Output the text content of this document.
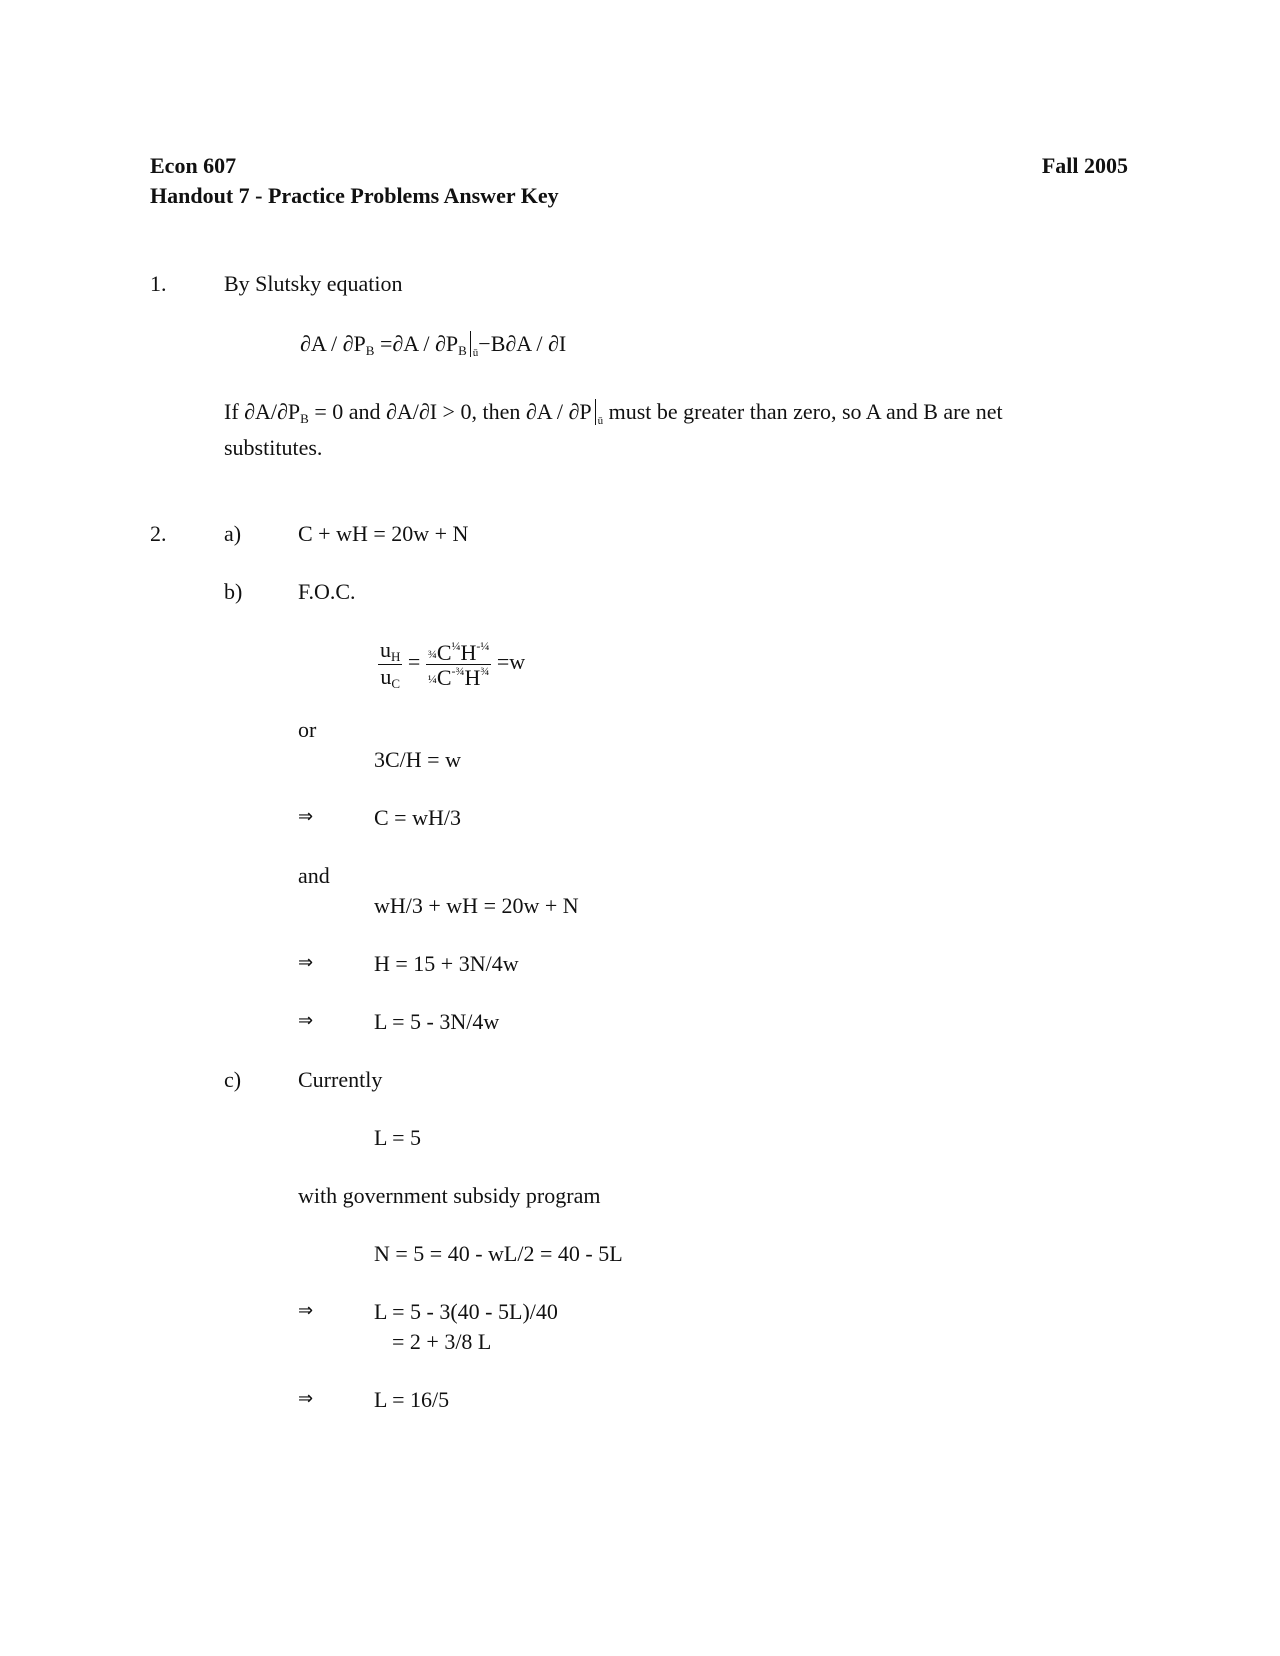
Econ 607	Fall 2005
Handout 7 - Practice Problems Answer Key
1.	By Slutsky equation
$\partial A / \partial P_B =\partial A / \partial P_B$ $_ū$−B∂A / ∂I
If $\partial A/\partial P_B = 0$ and ∂A/∂I > 0, then ∂A / ∂P $_ū$ must be greater than zero, so A and B are net
substitutes.
2.	a)	C + wH = 20w + N
b)	F.O.C.
$\frac{uH}{uC} = \frac{\frac{3}{4}C^{\frac{1}{4}}H^{-\frac{1}{4}}}{\frac{1}{4}C^{-\frac{3}{4}}H^{\frac{3}{4}}} =w$
or
3C/H = w
⇒	C = wH/3
and
wH/3 + wH = 20w + N
⇒	H = 15 + 3N/4w
⇒	L = 5 - 3N/4w
c)	Currently
L = 5
with government subsidy program
N = 5 = 40 - wL/2 = 40 - 5L
⇒	L = 5 - 3(40 - 5L)/40
= 2 + 3/8 L
⇒	L = 16/5
